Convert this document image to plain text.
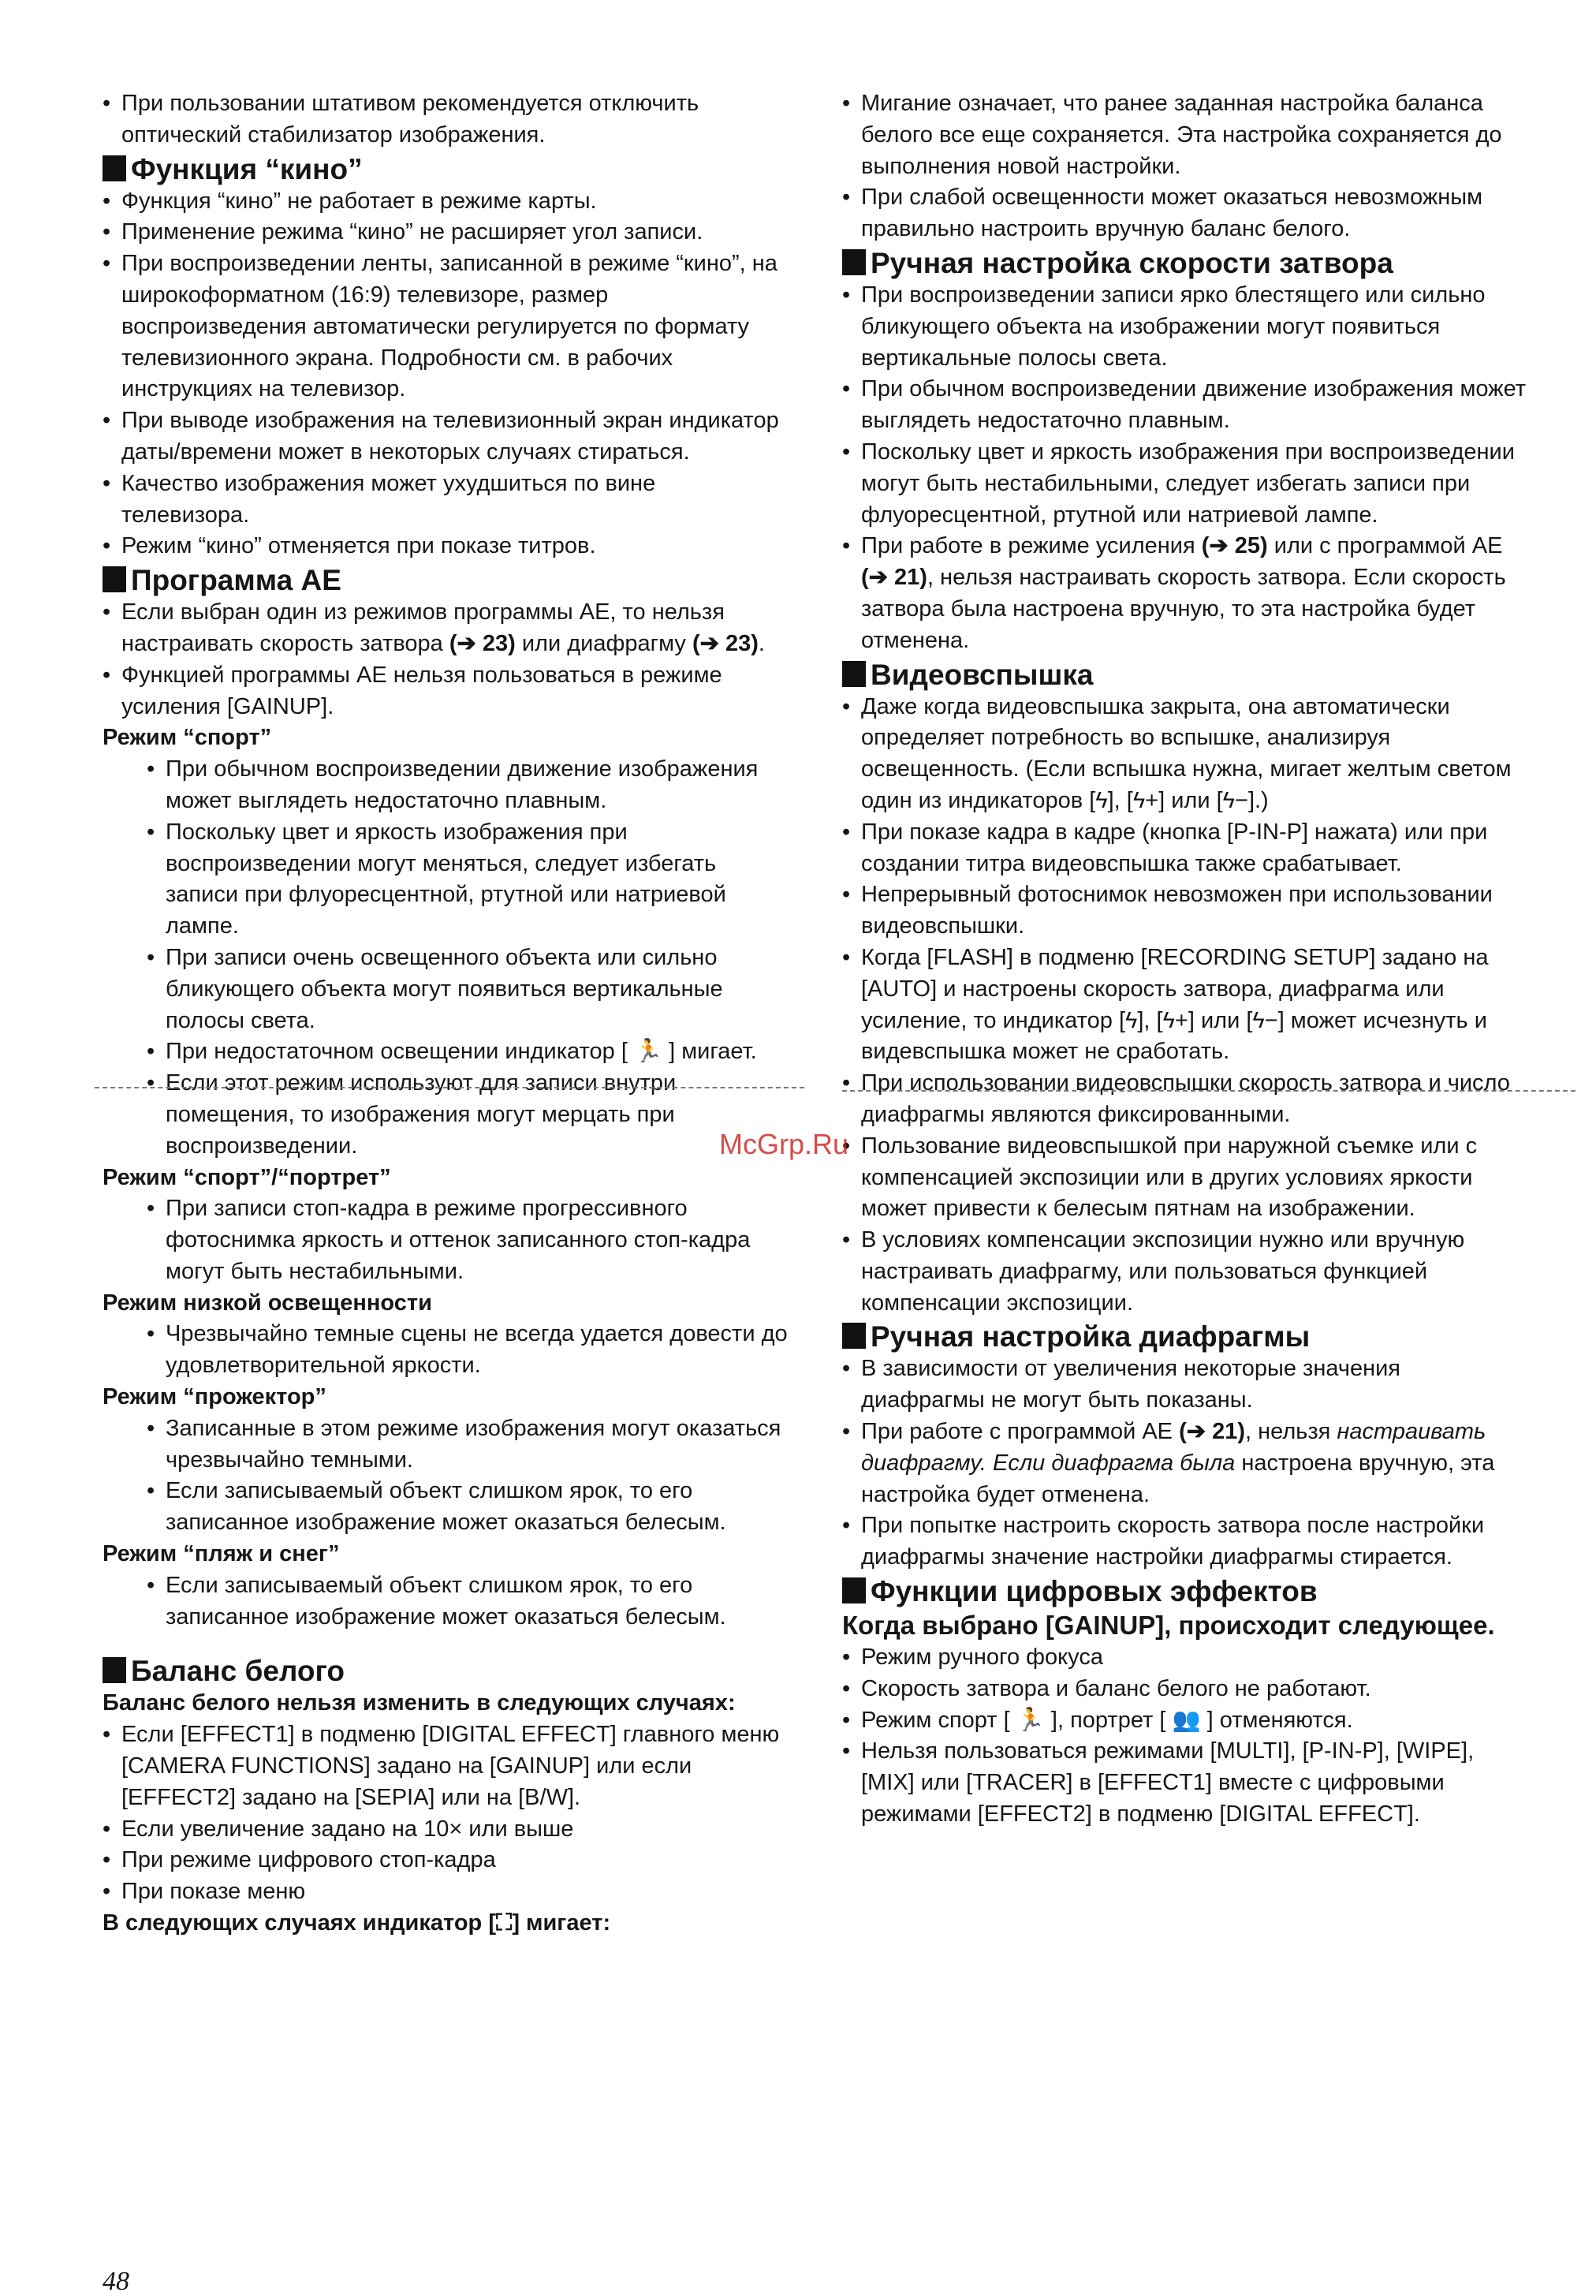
• При пользовании штативом рекомендуется отключить оптический стабилизатор изображения.
Функция “кино”
• Функция “кино” не работает в режиме карты.
• Применение режима “кино” не расширяет угол записи.
• При воспроизведении ленты, записанной в режиме “кино”, на широкоформатном (16:9) телевизоре, размер воспроизведения автоматически регулируется по формату телевизионного экрана. Подробности см. в рабочих инструкциях на телевизор.
• При выводе изображения на телевизионный экран индикатор даты/времени может в некоторых случаях стираться.
• Качество изображения может ухудшиться по вине телевизора.
• Режим “кино” отменяется при показе титров.
Программа AE
• Если выбран один из режимов программы AE, то нельзя настраивать скорость затвора (➔ 23) или диафрагму (➔ 23).
• Функцией программы AE нельзя пользоваться в режиме усиления [GAINUP].
Режим “спорт”
• При обычном воспроизведении движение изображения может выглядеть недостаточно плавным.
• Поскольку цвет и яркость изображения при воспроизведении могут меняться, следует избегать записи при флуоресцентной, ртутной или натриевой лампе.
• При записи очень освещенного объекта или сильно бликующего объекта могут появиться вертикальные полосы света.
• При недостаточном освещении индикатор [ 🏃 ] мигает.
• Если этот режим используют для записи внутри помещения, то изображения могут мерцать при воспроизведении.
Режим “спорт”/“портрет”
• При записи стоп-кадра в режиме прогрессивного фотоснимка яркость и оттенок записанного стоп-кадра могут быть нестабильными.
Режим низкой освещенности
• Чрезвычайно темные сцены не всегда удается довести до удовлетворительной яркости.
Режим “прожектор”
• Записанные в этом режиме изображения могут оказаться чрезвычайно темными.
• Если записываемый объект слишком ярок, то его записанное изображение может оказаться белесым.
Режим “пляж и снег”
• Если записываемый объект слишком ярок, то его записанное изображение может оказаться белесым.
Баланс белого
Баланс белого нельзя изменить в следующих случаях:
• Если [EFFECT1] в подменю [DIGITAL EFFECT] главного меню [CAMERA FUNCTIONS] задано на [GAINUP] или если [EFFECT2] задано на [SEPIA] или на [B/W].
• Если увеличение задано на 10× или выше
• При режиме цифрового стоп-кадра
• При показе меню
В следующих случаях индикатор [⛶] мигает:
• Мигание означает, что ранее заданная настройка баланса белого все еще сохраняется. Эта настройка сохраняется до выполнения новой настройки.
• При слабой освещенности может оказаться невозможным правильно настроить вручную баланс белого.
Ручная настройка скорости затвора
• При воспроизведении записи ярко блестящего или сильно бликующего объекта на изображении могут появиться вертикальные полосы света.
• При обычном воспроизведении движение изображения может выглядеть недостаточно плавным.
• Поскольку цвет и яркость изображения при воспроизведении могут быть нестабильными, следует избегать записи при флуоресцентной, ртутной или натриевой лампе.
• При работе в режиме усиления (➔ 25) или с программой AE (➔ 21), нельзя настраивать скорость затвора. Если скорость затвора была настроена вручную, то эта настройка будет отменена.
Видеовспышка
• Даже когда видеовспышка закрыта, она автоматически определяет потребность во вспышке, анализируя освещенность. (Если вспышка нужна, мигает желтым светом один из индикаторов [ϟ], [ϟ+] или [ϟ−].)
• При показе кадра в кадре (кнопка [P-IN-P] нажата) или при создании титра видеовспышка также срабатывает.
• Непрерывный фотоснимок невозможен при использовании видеовспышки.
• Когда [FLASH] в подменю [RECORDING SETUP] задано на [AUTO] и настроены скорость затвора, диафрагма или усиление, то индикатор [ϟ], [ϟ+] или [ϟ−] может исчезнуть и видевспышка может не сработать.
• При использовании видеовспышки скорость затвора и число диафрагмы являются фиксированными.
• Пользование видеовспышкой при наружной съемке или с компенсацией экспозиции или в других условиях яркости может привести к белесым пятнам на изображении.
• В условиях компенсации экспозиции нужно или вручную настраивать диафрагму, или пользоваться функцией компенсации экспозиции.
Ручная настройка диафрагмы
• В зависимости от увеличения некоторые значения диафрагмы не могут быть показаны.
• При работе с программой AE (➔ 21), нельзя настраивать диафрагму. Если диафрагма была настроена вручную, эта настройка будет отменена.
• При попытке настроить скорость затвора после настройки диафрагмы значение настройки диафрагмы стирается.
Функции цифровых эффектов
Когда выбрано [GAINUP], происходит следующее.
• Режим ручного фокуса
• Скорость затвора и баланс белого не работают.
• Режим спорт [ 🏃 ], портрет [ 👥 ] отменяются.
• Нельзя пользоваться режимами [MULTI], [P-IN-P], [WIPE], [MIX] или [TRACER] в [EFFECT1] вместе с цифровыми режимами [EFFECT2] в подменю [DIGITAL EFFECT].
McGrp.Ru
48
